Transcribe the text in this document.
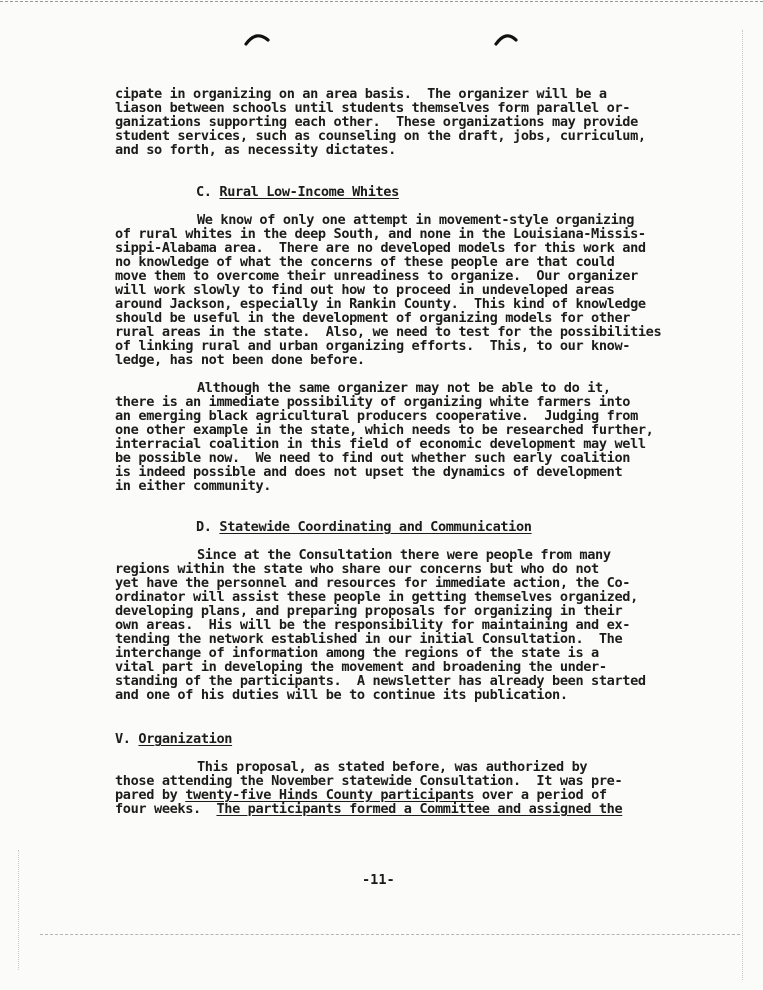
cipate in organizing on an area basis.  The organizer will be a
liason between schools until students themselves form parallel or-
ganizations supporting each other.  These organizations may provide
student services, such as counseling on the draft, jobs, curriculum,
and so forth, as necessity dictates.
C. Rural Low-Income Whites
We know of only one attempt in movement-style organizing
of rural whites in the deep South, and none in the Louisiana-Missis-
sippi-Alabama area.  There are no developed models for this work and
no knowledge of what the concerns of these people are that could
move them to overcome their unreadiness to organize.  Our organizer
will work slowly to find out how to proceed in undeveloped areas
around Jackson, especially in Rankin County.  This kind of knowledge
should be useful in the development of organizing models for other
rural areas in the state.  Also, we need to test for the possibilities
of linking rural and urban organizing efforts.  This, to our know-
ledge, has not been done before.
Although the same organizer may not be able to do it,
there is an immediate possibility of organizing white farmers into
an emerging black agricultural producers cooperative.  Judging from
one other example in the state, which needs to be researched further,
interracial coalition in this field of economic development may well
be possible now.  We need to find out whether such early coalition
is indeed possible and does not upset the dynamics of development
in either community.
D. Statewide Coordinating and Communication
Since at the Consultation there were people from many
regions within the state who share our concerns but who do not
yet have the personnel and resources for immediate action, the Co-
ordinator will assist these people in getting themselves organized,
developing plans, and preparing proposals for organizing in their
own areas.  His will be the responsibility for maintaining and ex-
tending the network established in our initial Consultation.  The
interchange of information among the regions of the state is a
vital part in developing the movement and broadening the under-
standing of the participants.  A newsletter has already been started
and one of his duties will be to continue its publication.
V. Organization
This proposal, as stated before, was authorized by
those attending the November statewide Consultation.  It was pre-
pared by twenty-five Hinds County participants over a period of
four weeks.  The participants formed a Committee and assigned the
-11-
